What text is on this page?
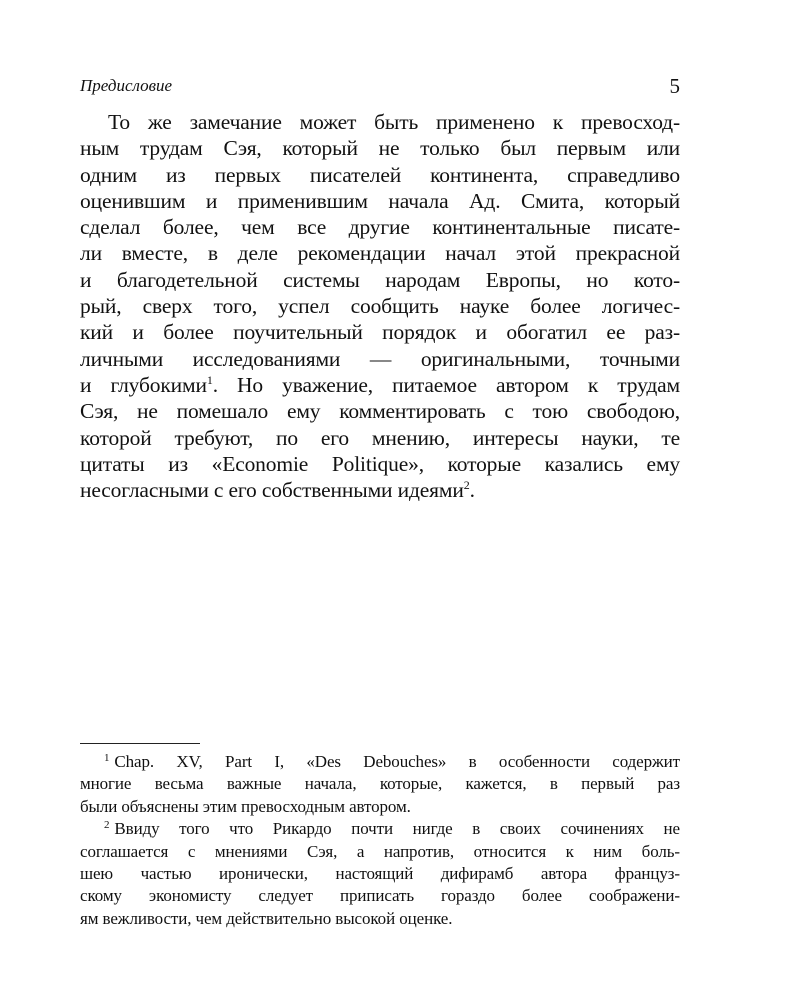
Предисловие	5
То же замечание может быть применено к превосход-
ным трудам Сэя, который не только был первым или
одним из первых писателей континента, справедливо
оценившим и применившим начала Ад. Смита, который
сделал более, чем все другие континентальные писате-
ли вместе, в деле рекомендации начал этой прекрасной
и благодетельной системы народам Европы, но кото-
рый, сверх того, успел сообщить науке более логичес-
кий и более поучительный порядок и обогатил ее раз-
личными исследованиями — оригинальными, точными
и глубокими$^1$. Но уважение, питаемое автором к трудам
Сэя, не помешало ему комментировать с тою свободою,
которой требуют, по его мнению, интересы науки, те
цитаты из «Economie Politique», которые казались ему
несогласными с его собственными идеями$^2$.
$^1$ Chap. XV, Part I, «Des Debouches» в особенности содержит
многие весьма важные начала, которые, кажется, в первый раз
были объяснены этим превосходным автором.
$^2$ Ввиду того что Рикардо почти нигде в своих сочинениях не
соглашается с мнениями Сэя, а напротив, относится к ним боль-
шею частью иронически, настоящий дифирамб автора француз-
скому экономисту следует приписать гораздо более соображени-
ям вежливости, чем действительно высокой оценке.
